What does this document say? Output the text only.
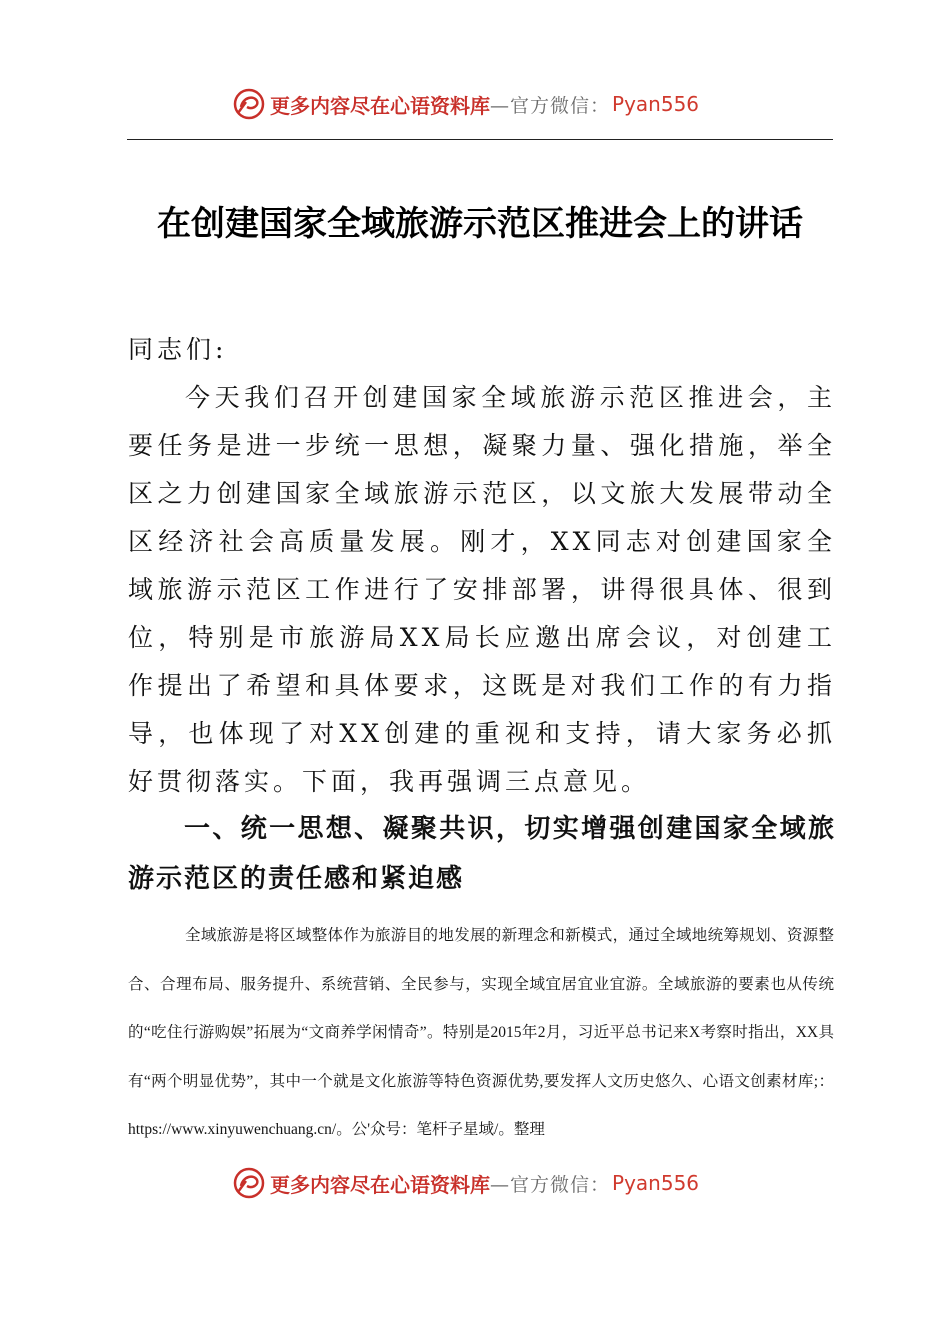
更多内容尽在心语资料库 —官方微信： Pyan556
在创建国家全域旅游示范区推进会上的讲话
同志们:

今天我们召开创建国家全域旅游示范区推进会，主要任务是进一步统一思想，凝聚力量、强化措施，举全区之力创建国家全域旅游示范区，以文旅大发展带动全区经济社会高质量发展。刚才，XX同志对创建国家全域旅游示范区工作进行了安排部署，讲得很具体、很到位，特别是市旅游局XX局长应邀出席会议，对创建工作提出了希望和具体要求，这既是对我们工作的有力指导，也体现了对XX创建的重视和支持，请大家务必抓好贯彻落实。下面，我再强调三点意见。

一、统一思想、凝聚共识，切实增强创建国家全域旅游示范区的责任感和紧迫感

全域旅游是将区域整体作为旅游目的地发展的新理念和新模式，通过全域地统筹规划、资源整合、合理布局、服务提升、系统营销、全民参与，实现全域宜居宜业宜游。全域旅游的要素也从传统的“吃住行游购娱”拓展为“文商养学闲情奇”。特别是2015年2月，习近平总书记来X考察时指出，XX具有“两个明显优势”，其中一个就是文化旅游等特色资源优势,要发挥人文历史悠久、心语文创素材库;：https://www.xinyuwenchuang.cn/。公'众号：笔杆子星域/。整理

更多内容尽在心语资料库 —官方微信： Pyan556
